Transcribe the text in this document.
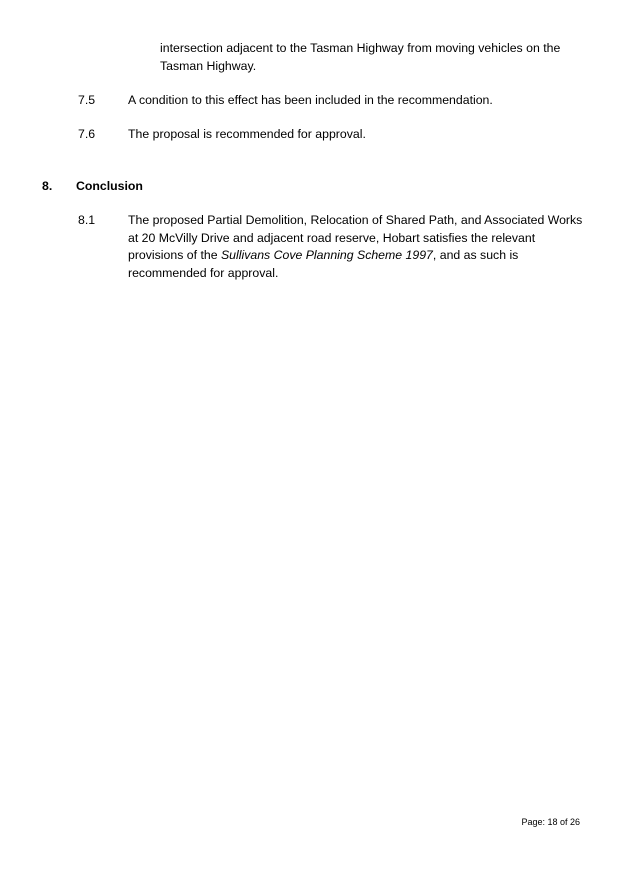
intersection adjacent to the Tasman Highway from moving vehicles on the Tasman Highway.
7.5	A condition to this effect has been included in the recommendation.
7.6	The proposal is recommended for approval.
8. Conclusion
8.1	The proposed Partial Demolition, Relocation of Shared Path, and Associated Works at 20 McVilly Drive and adjacent road reserve, Hobart satisfies the relevant provisions of the Sullivans Cove Planning Scheme 1997, and as such is recommended for approval.
Page: 18 of 26
